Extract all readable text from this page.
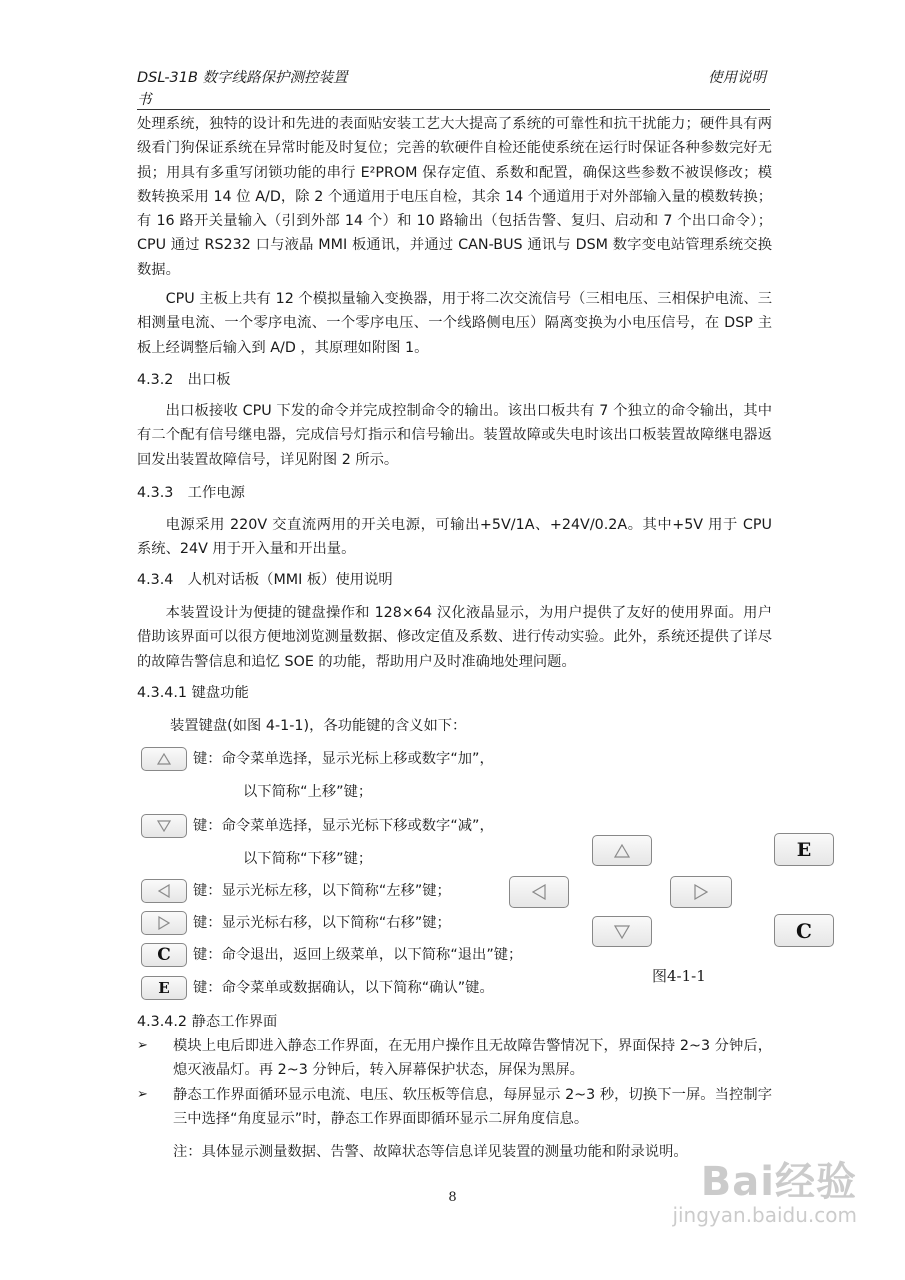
DSL-31B 数字线路保护测控装置
书
使用说明
处理系统，独特的设计和先进的表面贴安装工艺大大提高了系统的可靠性和抗干扰能力；硬件具有两级看门狗保证系统在异常时能及时复位；完善的软硬件自检还能使系统在运行时保证各种参数完好无损；用具有多重写闭锁功能的串行 E²PROM 保存定值、系数和配置，确保这些参数不被误修改；模数转换采用 14 位 A/D，除 2 个通道用于电压自检，其余 14 个通道用于对外部输入量的模数转换；有 16 路开关量输入（引到外部 14 个）和 10 路输出（包括告警、复归、启动和 7 个出口命令）；CPU 通过 RS232 口与液晶 MMI 板通讯，并通过 CAN-BUS 通讯与 DSM 数字变电站管理系统交换数据。
CPU 主板上共有 12 个模拟量输入变换器，用于将二次交流信号（三相电压、三相保护电流、三相测量电流、一个零序电流、一个零序电压、一个线路侧电压）隔离变换为小电压信号，在 DSP 主板上经调整后输入到 A/D ，其原理如附图 1。
4.3.2　出口板
出口板接收 CPU 下发的命令并完成控制命令的输出。该出口板共有 7 个独立的命令输出，其中有二个配有信号继电器，完成信号灯指示和信号输出。装置故障或失电时该出口板装置故障继电器返回发出装置故障信号，详见附图 2 所示。
4.3.3　工作电源
电源采用 220V 交直流两用的开关电源，可输出+5V/1A、+24V/0.2A。其中+5V 用于 CPU 系统、24V 用于开入量和开出量。
4.3.4　人机对话板（MMI 板）使用说明
本装置设计为便捷的键盘操作和 128×64 汉化液晶显示，为用户提供了友好的使用界面。用户借助该界面可以很方便地浏览测量数据、修改定值及系数、进行传动实验。此外，系统还提供了详尽的故障告警信息和追忆 SOE 的功能，帮助用户及时准确地处理问题。
4.3.4.1 键盘功能
装置键盘(如图 4-1-1)，各功能键的含义如下：
键：命令菜单选择，显示光标上移或数字“加”，
以下简称“上移”键；
键：命令菜单选择，显示光标下移或数字“减”，
以下简称“下移”键；
键：显示光标左移，以下简称“左移”键；
键：显示光标右移，以下简称“右移”键；
C	键：命令退出，返回上级菜单，以下简称“退出”键；
E	键：命令菜单或数据确认，以下简称“确认”键。
E
C
图4-1-1
4.3.4.2 静态工作界面
➢ 模块上电后即进入静态工作界面，在无用户操作且无故障告警情况下，界面保持 2~3 分钟后，熄灭液晶灯。再 2~3 分钟后，转入屏幕保护状态，屏保为黑屏。
➢ 静态工作界面循环显示电流、电压、软压板等信息，每屏显示 2~3 秒，切换下一屏。当控制字三中选择“角度显示”时，静态工作界面即循环显示二屏角度信息。
注：具体显示测量数据、告警、故障状态等信息详见装置的测量功能和附录说明。
8	Bai经验
jingyan.baidu.com
